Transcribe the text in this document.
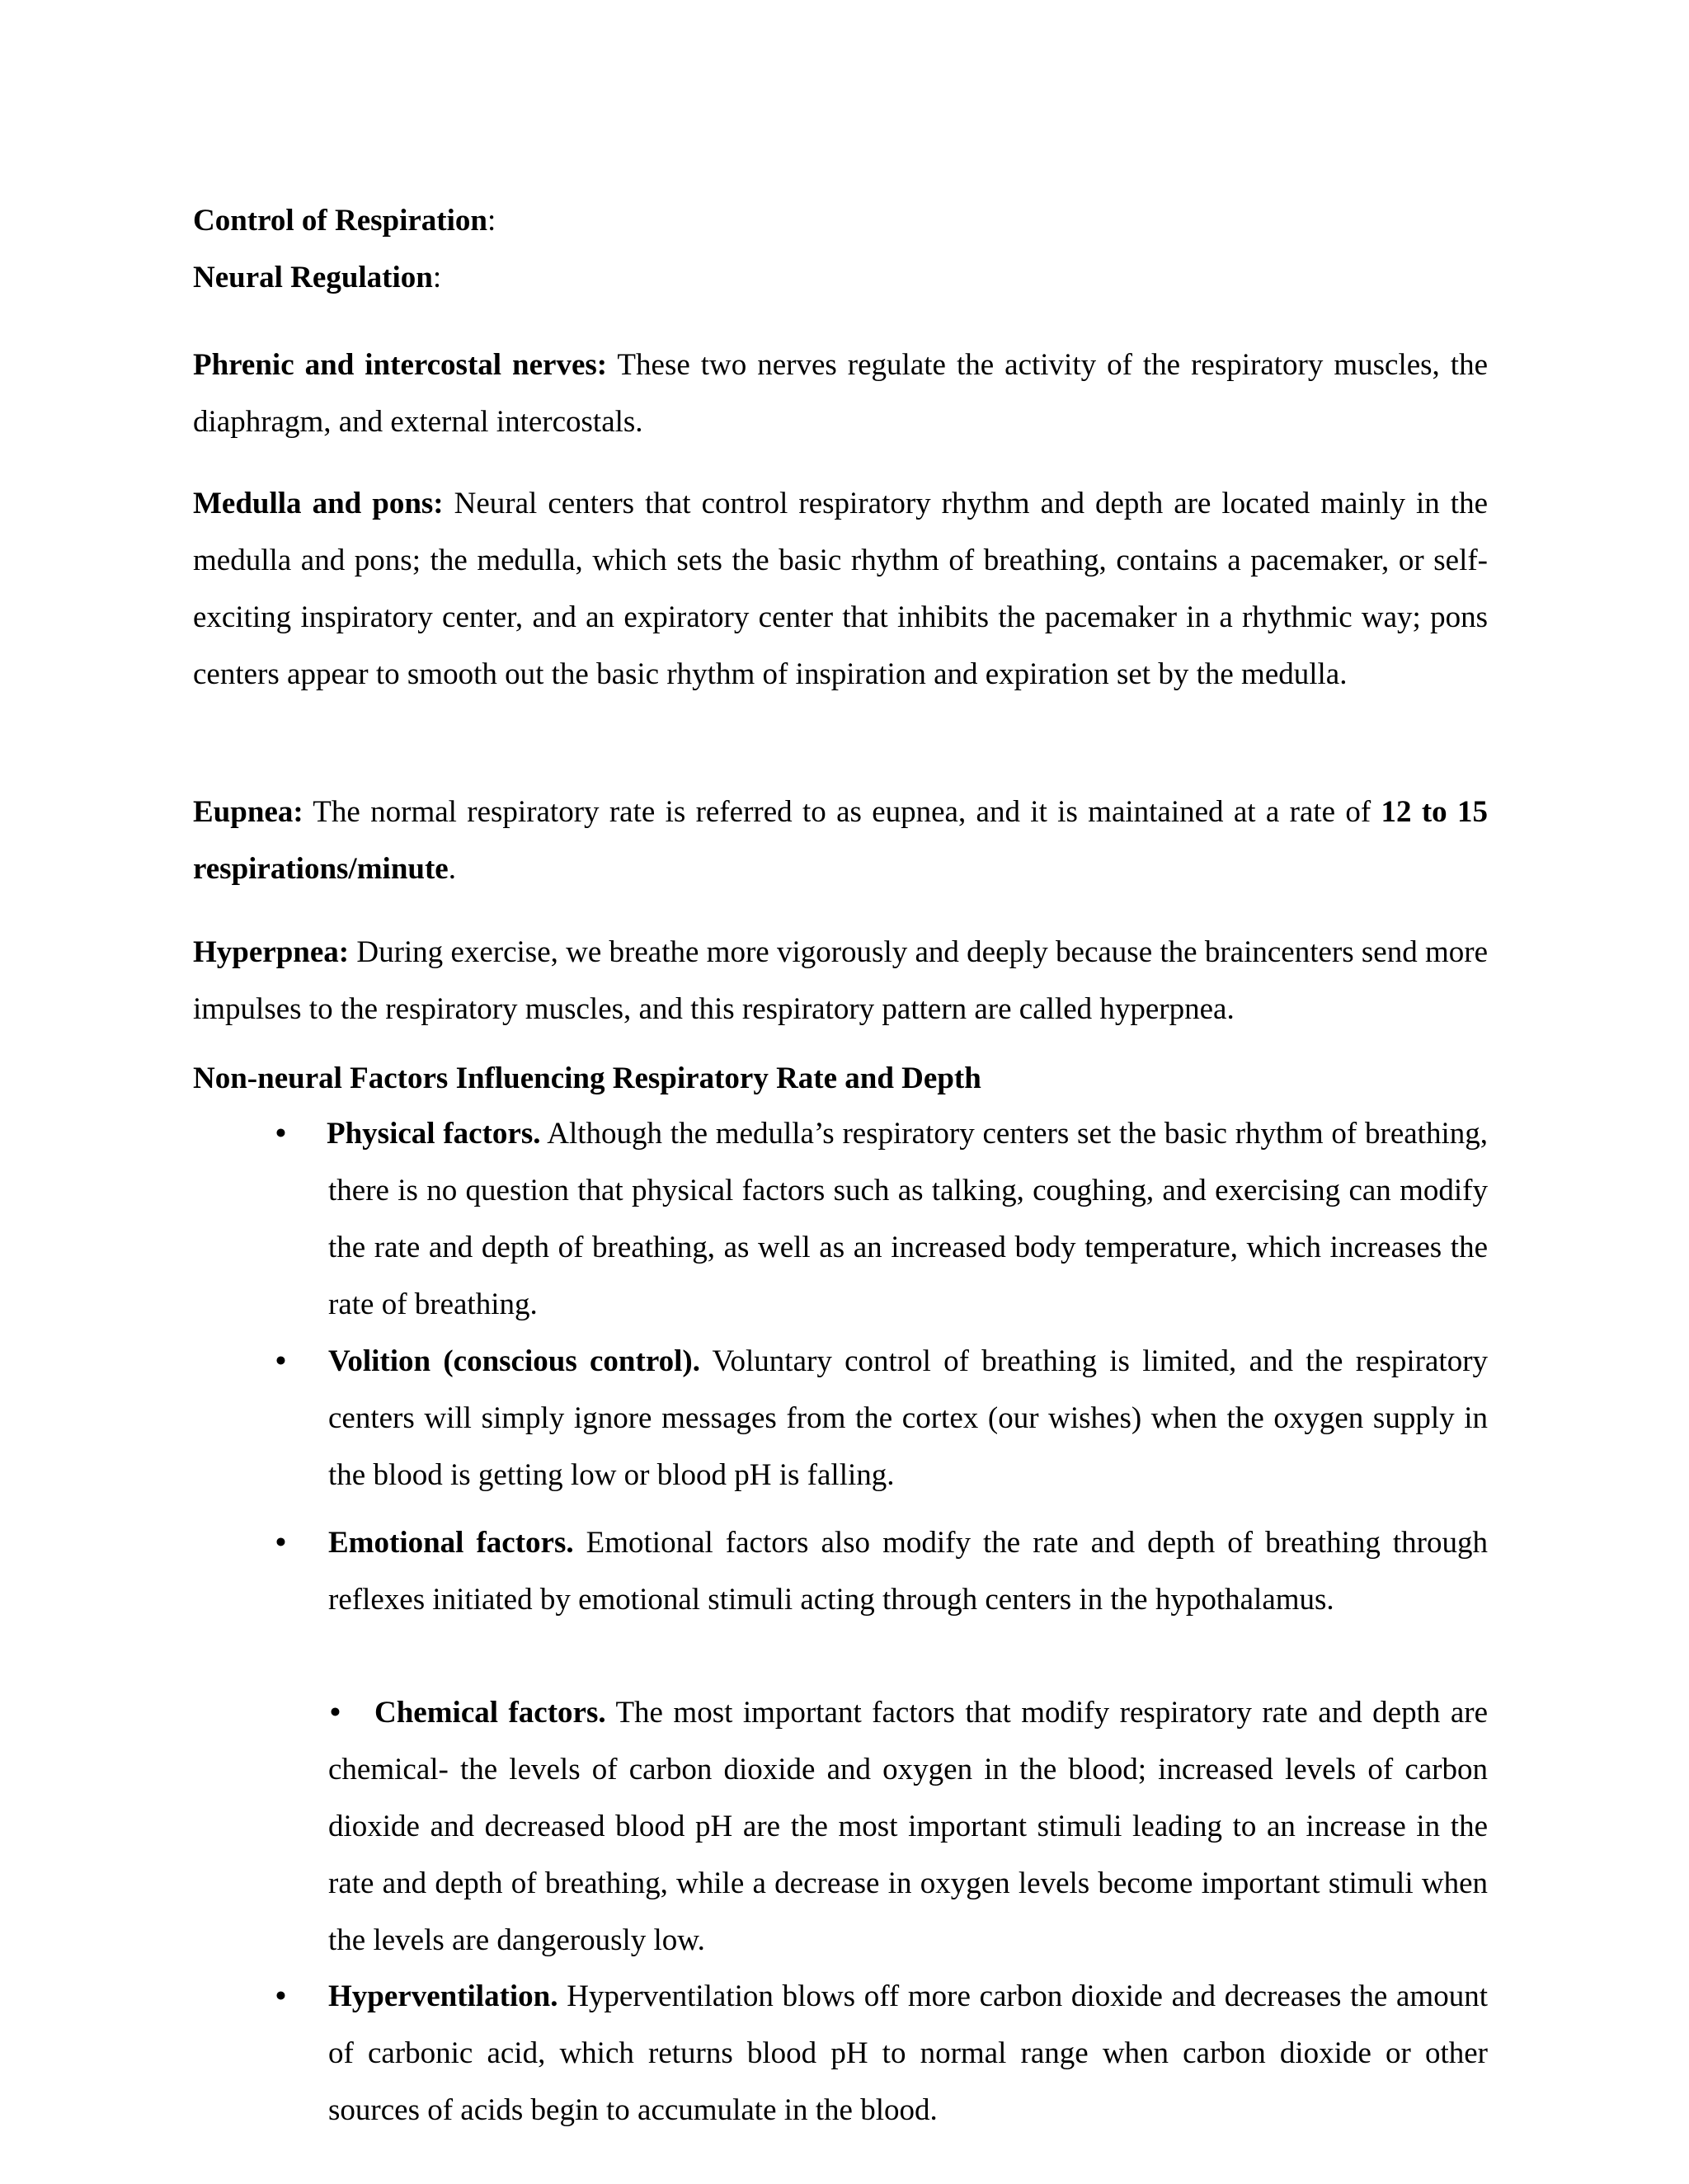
Control of Respiration:
Neural Regulation:
Phrenic and intercostal nerves: These two nerves regulate the activity of the respiratory muscles, the diaphragm, and external intercostals.
Medulla and pons: Neural centers that control respiratory rhythm and depth are located mainly in the medulla and pons; the medulla, which sets the basic rhythm of breathing, contains a pacemaker, or self-exciting inspiratory center, and an expiratory center that inhibits the pacemaker in a rhythmic way; pons centers appear to smooth out the basic rhythm of inspiration and expiration set by the medulla.
Eupnea: The normal respiratory rate is referred to as eupnea, and it is maintained at a rate of 12 to 15 respirations/minute.
Hyperpnea: During exercise, we breathe more vigorously and deeply because the braincenters send more impulses to the respiratory muscles, and this respiratory pattern are called hyperpnea.
Non-neural Factors Influencing Respiratory Rate and Depth
• Physical factors. Although the medulla’s respiratory centers set the basic rhythm of breathing, there is no question that physical factors such as talking, coughing, and exercising can modify the rate and depth of breathing, as well as an increased body temperature, which increases the rate of breathing.
• Volition (conscious control). Voluntary control of breathing is limited, and the respiratory centers will simply ignore messages from the cortex (our wishes) when the oxygen supply in the blood is getting low or blood pH is falling.
• Emotional factors. Emotional factors also modify the rate and depth of breathing through reflexes initiated by emotional stimuli acting through centers in the hypothalamus.
•	Chemical factors. The most important factors that modify respiratory rate and depth are chemical- the levels of carbon dioxide and oxygen in the blood; increased levels of carbon dioxide and decreased blood pH are the most important stimuli leading to an increase in the rate and depth of breathing, while a decrease in oxygen levels become important stimuli when the levels are dangerously low.
• Hyperventilation. Hyperventilation blows off more carbon dioxide and decreases the amount of carbonic acid, which returns blood pH to normal range when carbon dioxide or other sources of acids begin to accumulate in the blood.
